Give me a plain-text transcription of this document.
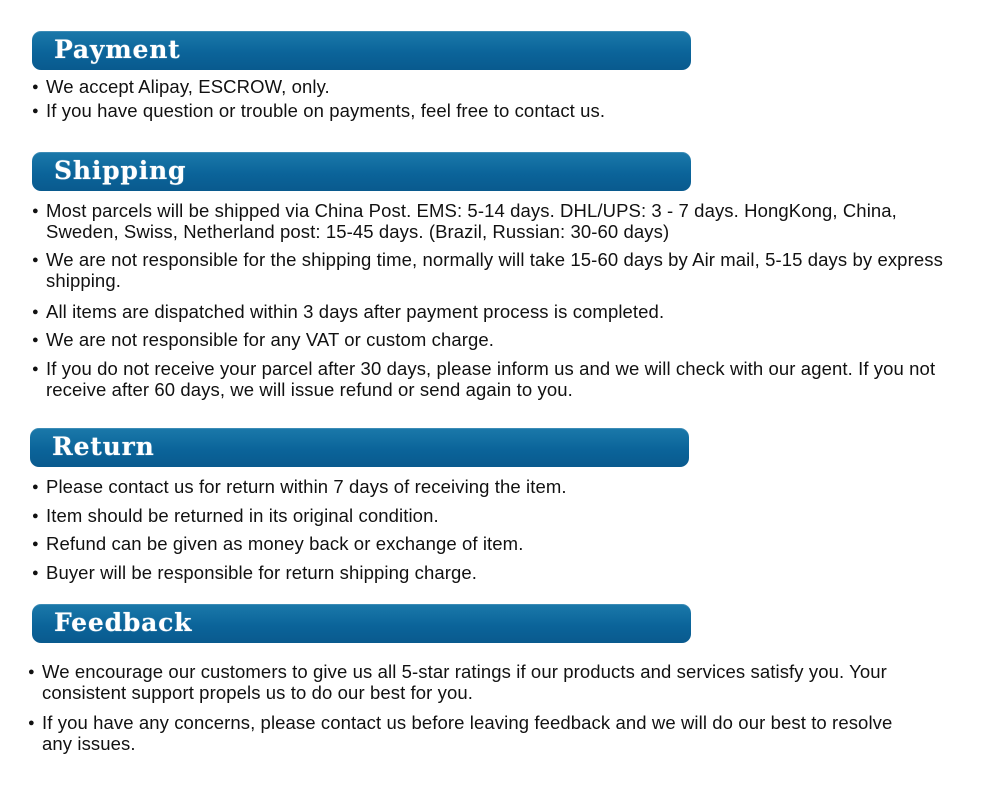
Payment
● We accept Alipay, ESCROW, only.
● If you have question or trouble on payments, feel free to contact us.
Shipping
● Most parcels will be shipped via China Post. EMS: 5-14 days. DHL/UPS: 3 - 7 days. HongKong, China, Sweden, Swiss, Netherland post: 15-45 days. (Brazil, Russian: 30-60 days)
● We are not responsible for the shipping time, normally will take 15-60 days by Air mail, 5-15 days by express shipping.
● All items are dispatched within 3 days after payment process is completed.
● We are not responsible for any VAT or custom charge.
● If you do not receive your parcel after 30 days, please inform us and we will check with our agent. If you not receive after 60 days, we will issue refund or send again to you.
Return
● Please contact us for return within 7 days of receiving the item.
● Item should be returned in its original condition.
● Refund can be given as money back or exchange of item.
● Buyer will be responsible for return shipping charge.
Feedback
● We encourage our customers to give us all 5-star ratings if our products and services satisfy you. Your consistent support propels us to do our best for you.
● If you have any concerns, please contact us before leaving feedback and we will do our best to resolve any issues.
